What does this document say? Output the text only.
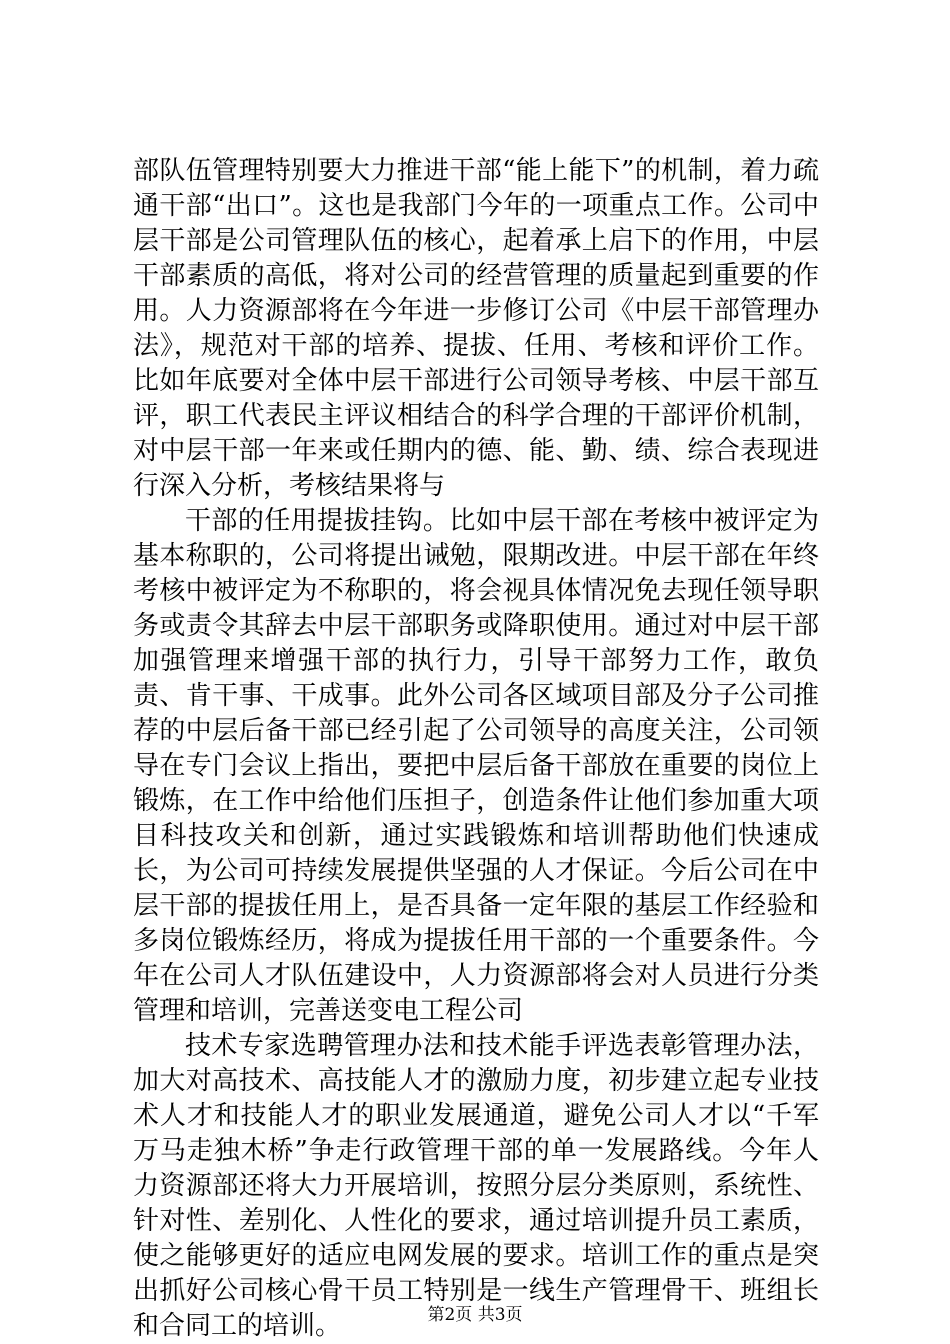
部队伍管理特别要大力推进干部“能上能下”的机制，着力疏通干部“出口”。这也是我部门今年的一项重点工作。公司中层干部是公司管理队伍的核心，起着承上启下的作用，中层干部素质的高低，将对公司的经营管理的质量起到重要的作用。人力资源部将在今年进一步修订公司《中层干部管理办法》，规范对干部的培养、提拔、任用、考核和评价工作。比如年底要对全体中层干部进行公司领导考核、中层干部互评，职工代表民主评议相结合的科学合理的干部评价机制，对中层干部一年来或任期内的德、能、勤、绩、综合表现进行深入分析，考核结果将与

干部的任用提拔挂钩。比如中层干部在考核中被评定为基本称职的，公司将提出诫勉，限期改进。中层干部在年终考核中被评定为不称职的，将会视具体情况免去现任领导职务或责令其辞去中层干部职务或降职使用。通过对中层干部加强管理来增强干部的执行力，引导干部努力工作，敢负责、肯干事、干成事。此外公司各区域项目部及分子公司推荐的中层后备干部已经引起了公司领导的高度关注，公司领导在专门会议上指出，要把中层后备干部放在重要的岗位上锻炼，在工作中给他们压担子，创造条件让他们参加重大项目科技攻关和创新，通过实践锻炼和培训帮助他们快速成长，为公司可持续发展提供坚强的人才保证。今后公司在中层干部的提拔任用上，是否具备一定年限的基层工作经验和多岗位锻炼经历，将成为提拔任用干部的一个重要条件。今年在公司人才队伍建设中，人力资源部将会对人员进行分类管理和培训，完善送变电工程公司

技术专家选聘管理办法和技术能手评选表彰管理办法，加大对高技术、高技能人才的激励力度，初步建立起专业技术人才和技能人才的职业发展通道，避免公司人才以“千军万马走独木桥”争走行政管理干部的单一发展路线。今年人力资源部还将大力开展培训，按照分层分类原则，系统性、针对性、差别化、人性化的要求，通过培训提升员工素质，使之能够更好的适应电网发展的要求。培训工作的重点是突出抓好公司核心骨干员工特别是一线生产管理骨干、班组长和合同工的培训。	第2页 共3页
